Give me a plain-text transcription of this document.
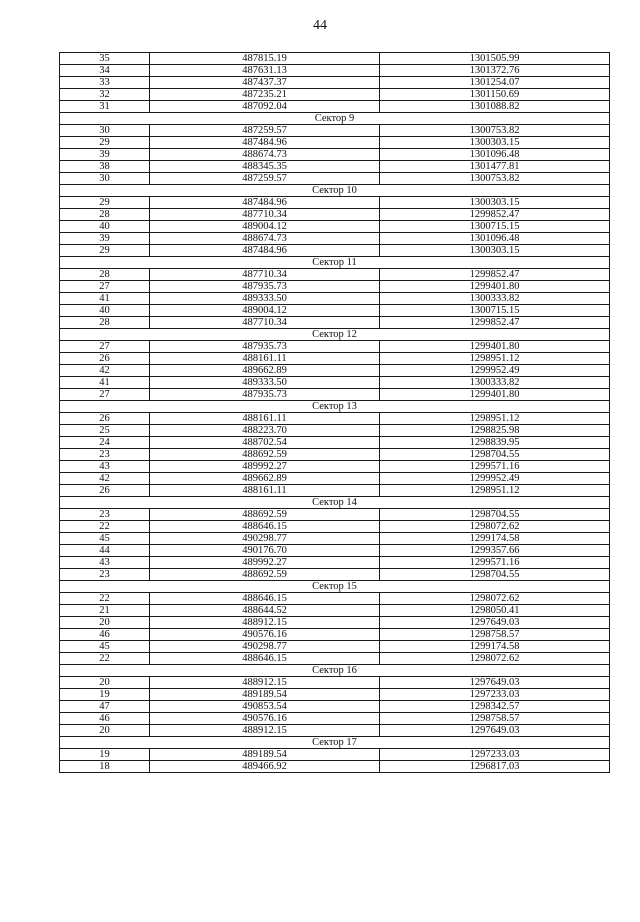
44
35	487815.19	1301505.99
34	487631.13	1301372.76
33	487437.37	1301254.07
32	487235.21	1301150.69
31	487092.04	1301088.82
Сектор 9		
30	487259.57	1300753.82
29	487484.96	1300303.15
39	488674.73	1301096.48
38	488345.35	1301477.81
30	487259.57	1300753.82
Сектор 10		
29	487484.96	1300303.15
28	487710.34	1299852.47
40	489004.12	1300715.15
39	488674.73	1301096.48
29	487484.96	1300303.15
Сектор 11		
28	487710.34	1299852.47
27	487935.73	1299401.80
41	489333.50	1300333.82
40	489004.12	1300715.15
28	487710.34	1299852.47
Сектор 12		
27	487935.73	1299401.80
26	488161.11	1298951.12
42	489662.89	1299952.49
41	489333.50	1300333.82
27	487935.73	1299401.80
Сектор 13		
26	488161.11	1298951.12
25	488223.70	1298825.98
24	488702.54	1298839.95
23	488692.59	1298704.55
43	489992.27	1299571.16
42	489662.89	1299952.49
26	488161.11	1298951.12
Сектор 14		
23	488692.59	1298704.55
22	488646.15	1298072.62
45	490298.77	1299174.58
44	490176.70	1299357.66
43	489992.27	1299571.16
23	488692.59	1298704.55
Сектор 15		
22	488646.15	1298072.62
21	488644.52	1298050.41
20	488912.15	1297649.03
46	490576.16	1298758.57
45	490298.77	1299174.58
22	488646.15	1298072.62
Сектор 16		
20	488912.15	1297649.03
19	489189.54	1297233.03
47	490853.54	1298342.57
46	490576.16	1298758.57
20	488912.15	1297649.03
Сектор 17		
19	489189.54	1297233.03
18	489466.92	1296817.03
